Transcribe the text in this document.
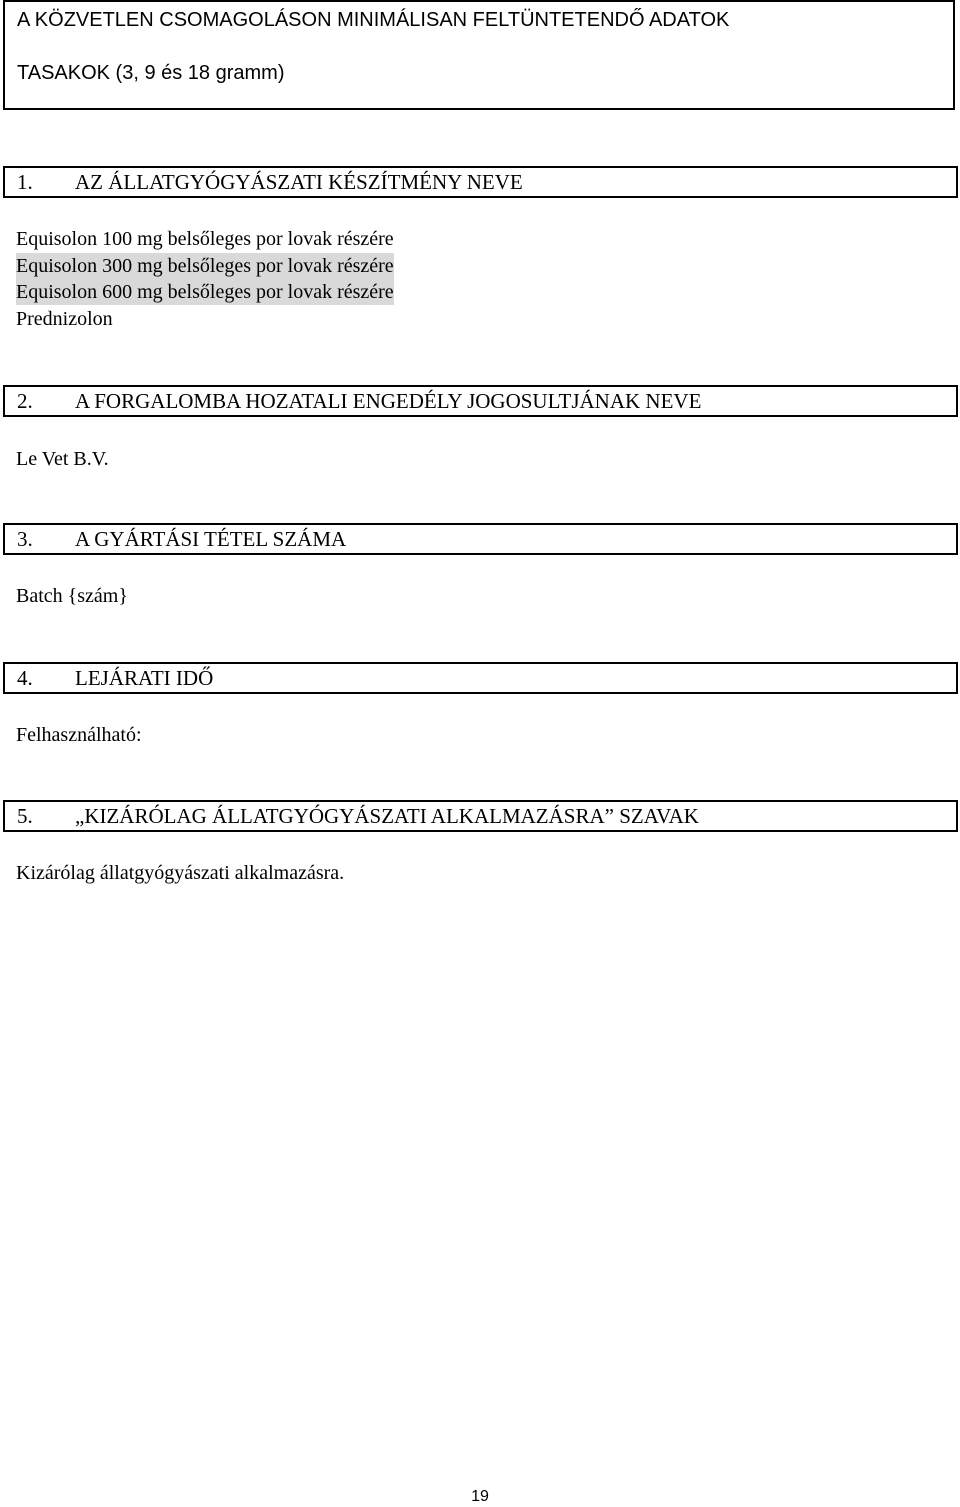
A KÖZVETLEN CSOMAGOLÁSON MINIMÁLISAN FELTÜNTETENDŐ ADATOK
TASAKOK (3, 9 és 18 gramm)
1. AZ ÁLLATGYÓGYÁSZATI KÉSZÍTMÉNY NEVE
Equisolon 100 mg belsőleges por lovak részére
Equisolon 300 mg belsőleges por lovak részére
Equisolon 600 mg belsőleges por lovak részére
Prednizolon
2. A FORGALOMBA HOZATALI ENGEDÉLY JOGOSULTJÁNAK NEVE
Le Vet B.V.
3. A GYÁRTÁSI TÉTEL SZÁMA
Batch {szám}
4. LEJÁRATI IDŐ
Felhasználható:
5. „KIZÁRÓLAG ÁLLATGYÓGYÁSZATI ALKALMAZÁSRA” SZAVAK
Kizárólag állatgyógyászati alkalmazásra.
19
